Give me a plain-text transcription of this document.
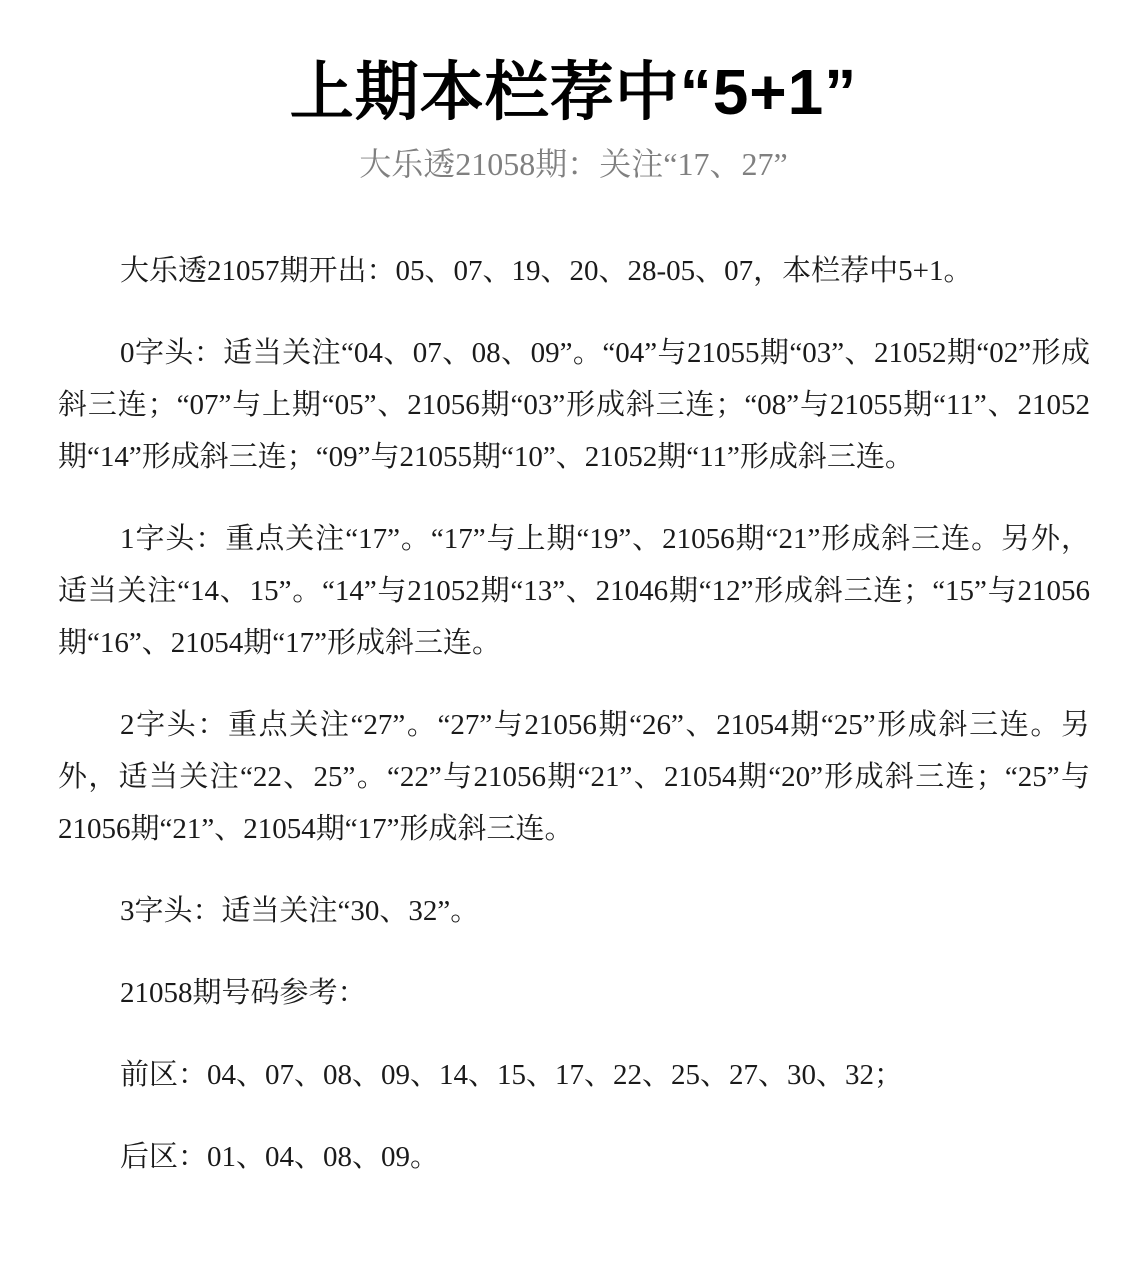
上期本栏荐中“5+1”
大乐透21058期：关注“17、27”

大乐透21057期开出：05、07、19、20、28-05、07，本栏荐中5+1。

0字头：适当关注“04、07、08、09”。“04”与21055期“03”、21052期“02”形成斜三连；“07”与上期“05”、21056期“03”形成斜三连；“08”与21055期“11”、21052期“14”形成斜三连；“09”与21055期“10”、21052期“11”形成斜三连。

1字头：重点关注“17”。“17”与上期“19”、21056期“21”形成斜三连。另外，适当关注“14、15”。“14”与21052期“13”、21046期“12”形成斜三连；“15”与21056期“16”、21054期“17”形成斜三连。

2字头：重点关注“27”。“27”与21056期“26”、21054期“25”形成斜三连。另外，适当关注“22、25”。“22”与21056期“21”、21054期“20”形成斜三连；“25”与21056期“21”、21054期“17”形成斜三连。

3字头：适当关注“30、32”。

21058期号码参考：

前区：04、07、08、09、14、15、17、22、25、27、30、32；

后区：01、04、08、09。
